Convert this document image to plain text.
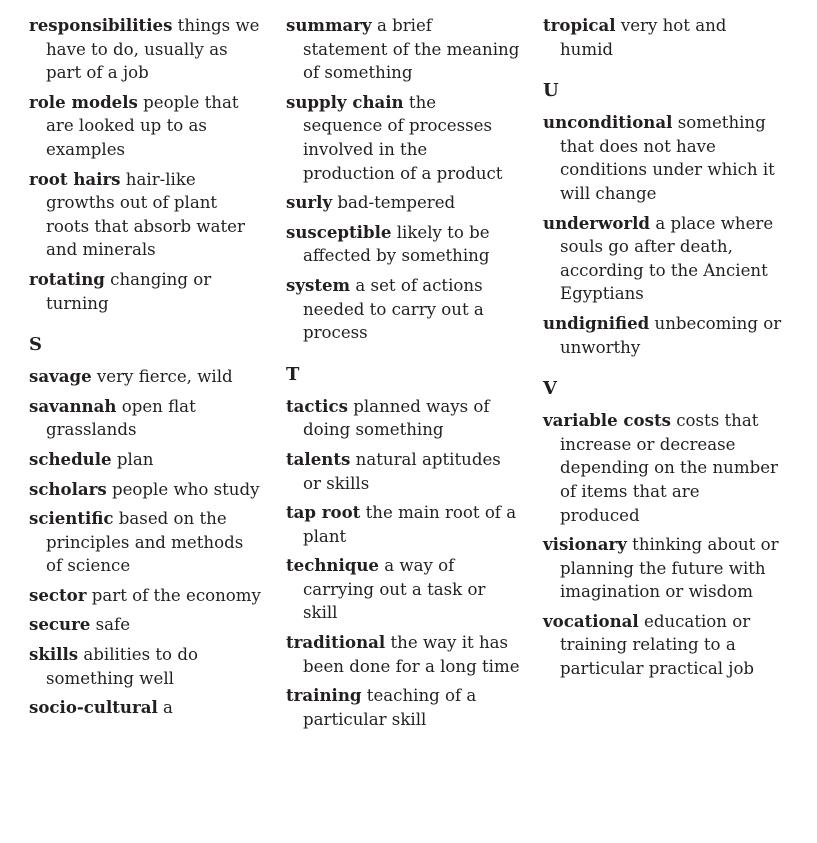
responsibilities things we have to do, usually as part of a job
role models people that are looked up to as examples
root hairs hair-like growths out of plant roots that absorb water and minerals
rotating changing or turning
S
savage very fierce, wild
savannah open flat grasslands
schedule plan
scholars people who study
scientific based on the principles and methods of science
sector part of the economy
secure safe
skills abilities to do something well
socio-cultural a
summary a brief statement of the meaning of something
supply chain the sequence of processes involved in the production of a product
surly bad-tempered
susceptible likely to be affected by something
system a set of actions needed to carry out a process
T
tactics planned ways of doing something
talents natural aptitudes or skills
tap root the main root of a plant
technique a way of carrying out a task or skill
traditional the way it has been done for a long time
training teaching of a particular skill
tropical very hot and humid
U
unconditional something that does not have conditions under which it will change
underworld a place where souls go after death, according to the Ancient Egyptians
undignified unbecoming or unworthy
V
variable costs costs that increase or decrease depending on the number of items that are produced
visionary thinking about or planning the future with imagination or wisdom
vocational education or training relating to a particular practical job
